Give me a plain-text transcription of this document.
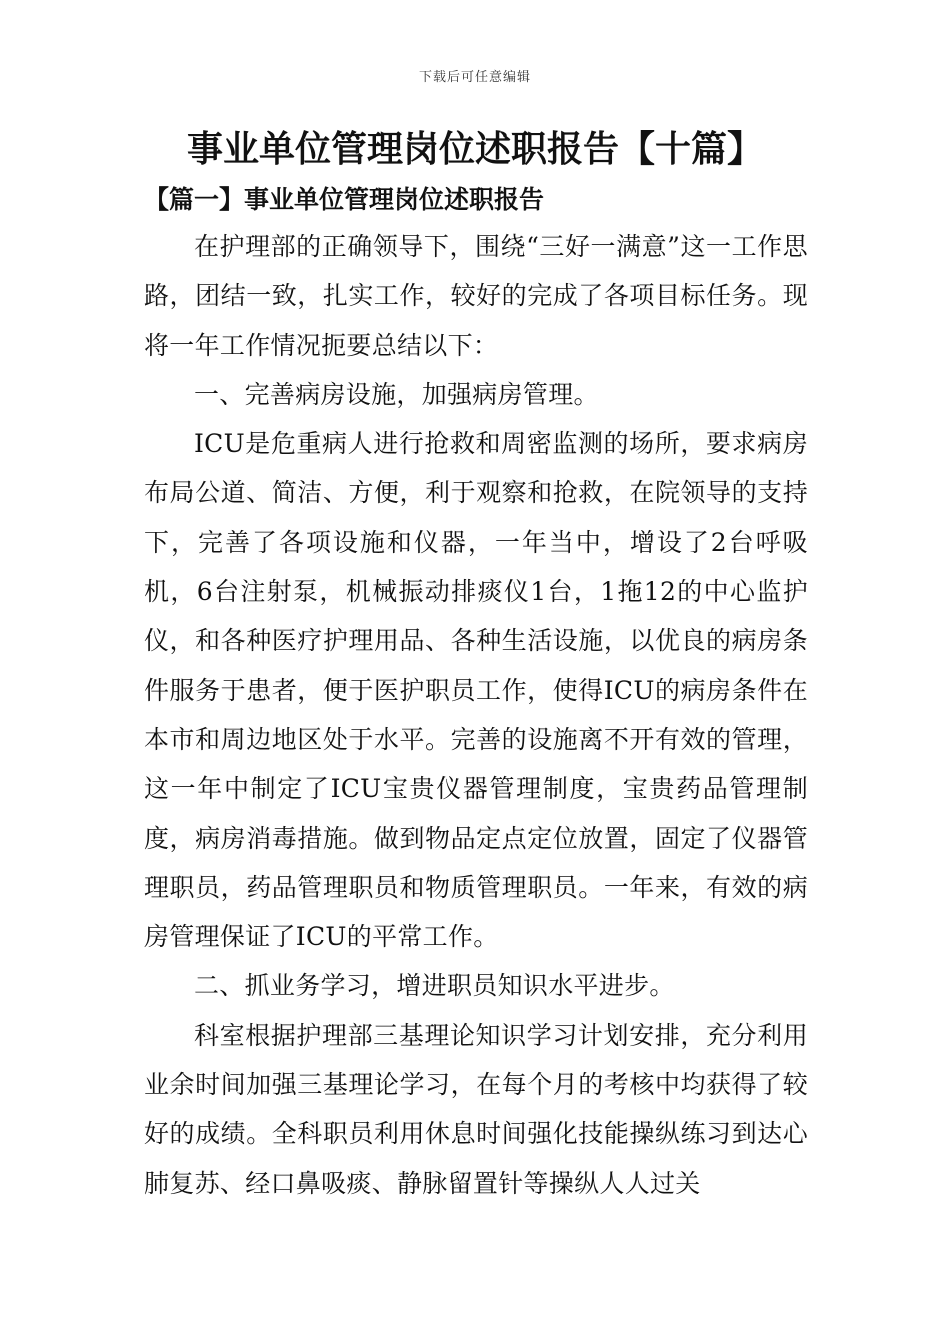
下载后可任意编辑
事业单位管理岗位述职报告【十篇】
【篇一】事业单位管理岗位述职报告

在护理部的正确领导下，围绕“三好一满意”这一工作思路，团结一致，扎实工作，较好的完成了各项目标任务。现将一年工作情况扼要总结以下：

一、完善病房设施，加强病房管理。

ICU是危重病人进行抢救和周密监测的场所，要求病房布局公道、简洁、方便，利于观察和抢救，在院领导的支持下，完善了各项设施和仪器，一年当中，增设了2台呼吸机，6台注射泵，机械振动排痰仪1台，1拖12的中心监护仪，和各种医疗护理用品、各种生活设施，以优良的病房条件服务于患者，便于医护职员工作，使得ICU的病房条件在本市和周边地区处于水平。完善的设施离不开有效的管理，这一年中制定了ICU宝贵仪器管理制度，宝贵药品管理制度，病房消毒措施。做到物品定点定位放置，固定了仪器管理职员，药品管理职员和物质管理职员。一年来，有效的病房管理保证了ICU的平常工作。

二、抓业务学习，增进职员知识水平进步。

科室根据护理部三基理论知识学习计划安排，充分利用业余时间加强三基理论学习，在每个月的考核中均获得了较好的成绩。全科职员利用休息时间强化技能操纵练习到达心肺复苏、经口鼻吸痰、静脉留置针等操纵人人过关
